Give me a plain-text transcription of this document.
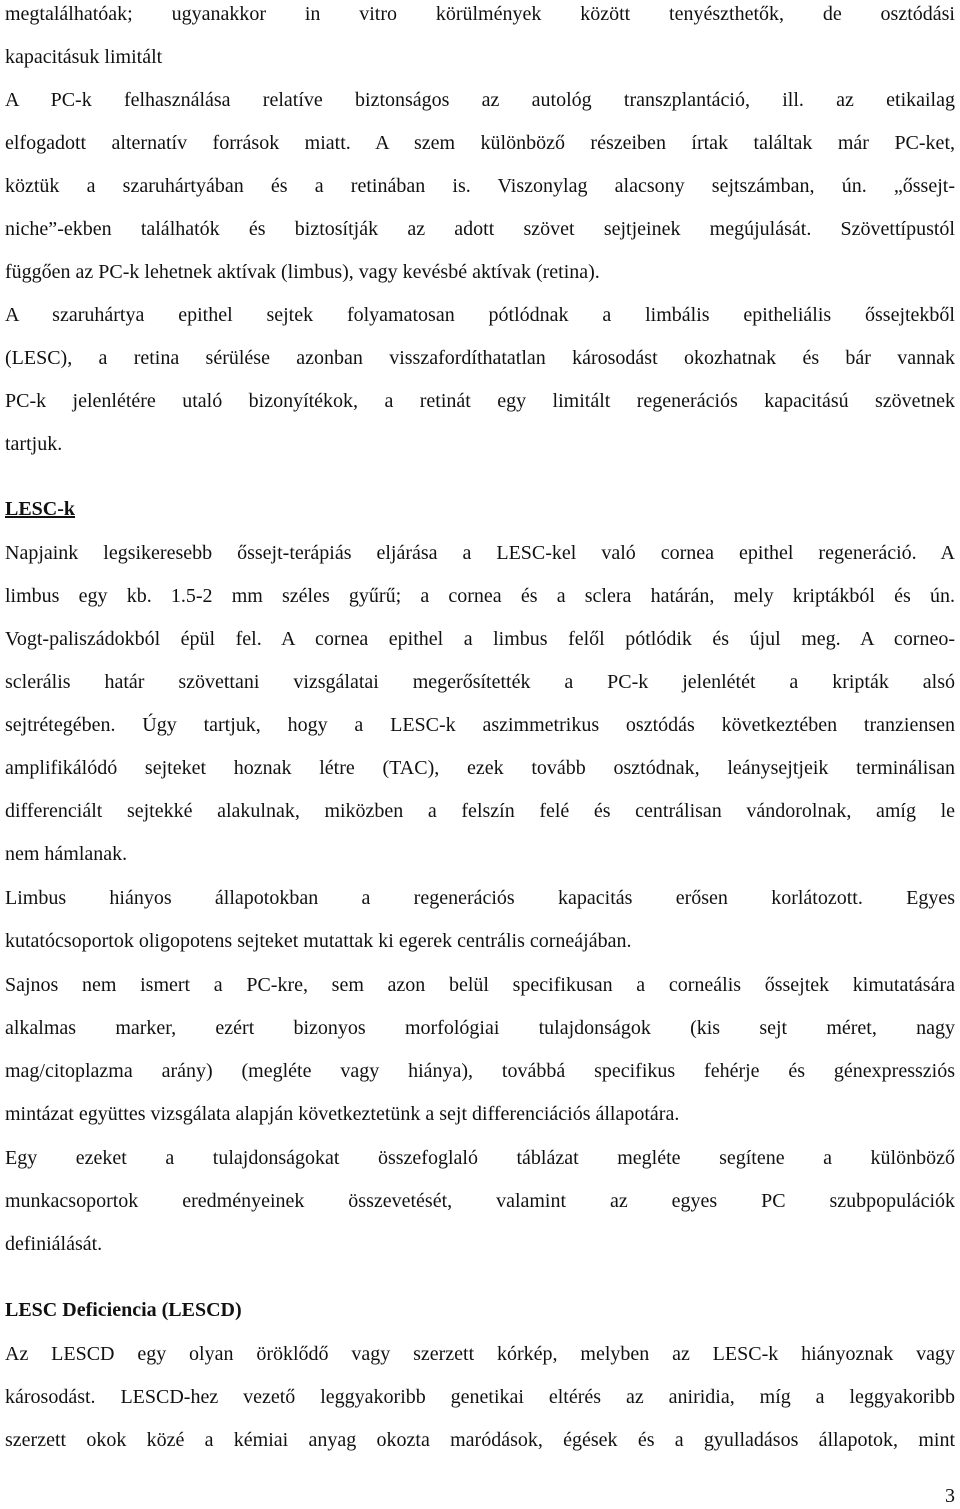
megtalálhatóak; ugyanakkor in vitro körülmények között tenyészthetők, de osztódási
kapacitásuk limitált
A PC-k felhasználása relatíve biztonságos az autológ transzplantáció, ill. az etikailag
elfogadott alternatív források miatt. A szem különböző részeiben írtak találtak már PC-ket,
köztük a szaruhártyában és a retinában is. Viszonylag alacsony sejtszámban, ún. „őssejt-
niche”-ekben találhatók és biztosítják az adott szövet sejtjeinek megújulását. Szövettípustól
függően az PC-k lehetnek aktívak (limbus), vagy kevésbé aktívak (retina).
A szaruhártya epithel sejtek folyamatosan pótlódnak a limbális epitheliális őssejtekből
(LESC), a retina sérülése azonban visszafordíthatatlan károsodást okozhatnak és bár vannak
PC-k jelenlétére utaló bizonyítékok, a retinát egy limitált regenerációs kapacitású szövetnek
tartjuk.
LESC-k
Napjaink legsikeresebb őssejt-terápiás eljárása a LESC-kel való cornea epithel regeneráció. A
limbus egy kb. 1.5-2 mm széles gyűrű; a cornea és a sclera határán, mely kriptákból és ún.
Vogt-paliszádokból épül fel. A cornea epithel a limbus felől pótlódik és újul meg. A corneo-
sclerális határ szövettani vizsgálatai megerősítették a PC-k jelenlétét a kripták alsó
sejtrétegében. Úgy tartjuk, hogy a LESC-k aszimmetrikus osztódás következtében tranziensen
amplifikálódó sejteket hoznak létre (TAC), ezek tovább osztódnak, leánysejtjeik terminálisan
differenciált sejtekké alakulnak, miközben a felszín felé és centrálisan vándorolnak, amíg le
nem hámlanak.
Limbus hiányos állapotokban a regenerációs kapacitás erősen korlátozott. Egyes
kutatócsoportok oligopotens sejteket mutattak ki egerek centrális corneájában.
Sajnos nem ismert a PC-kre, sem azon belül specifikusan a corneális őssejtek kimutatására
alkalmas marker, ezért bizonyos morfológiai tulajdonságok (kis sejt méret, nagy
mag/citoplazma arány) (megléte vagy hiánya), továbbá specifikus fehérje és génexpressziós
mintázat együttes vizsgálata alapján következtetünk a sejt differenciációs állapotára.
Egy ezeket a tulajdonságokat összefoglaló táblázat megléte segítene a különböző
munkacsoportok eredményeinek összevetését, valamint az egyes PC szubpopulációk
definiálását.
LESC Deficiencia (LESCD)
Az LESCD egy olyan öröklődő vagy szerzett kórkép, melyben az LESC-k hiányoznak vagy
károsodást. LESCD-hez vezető leggyakoribb genetikai eltérés az aniridia, míg a leggyakoribb
szerzett okok közé a kémiai anyag okozta maródások, égések és a gyulladásos állapotok, mint
3
